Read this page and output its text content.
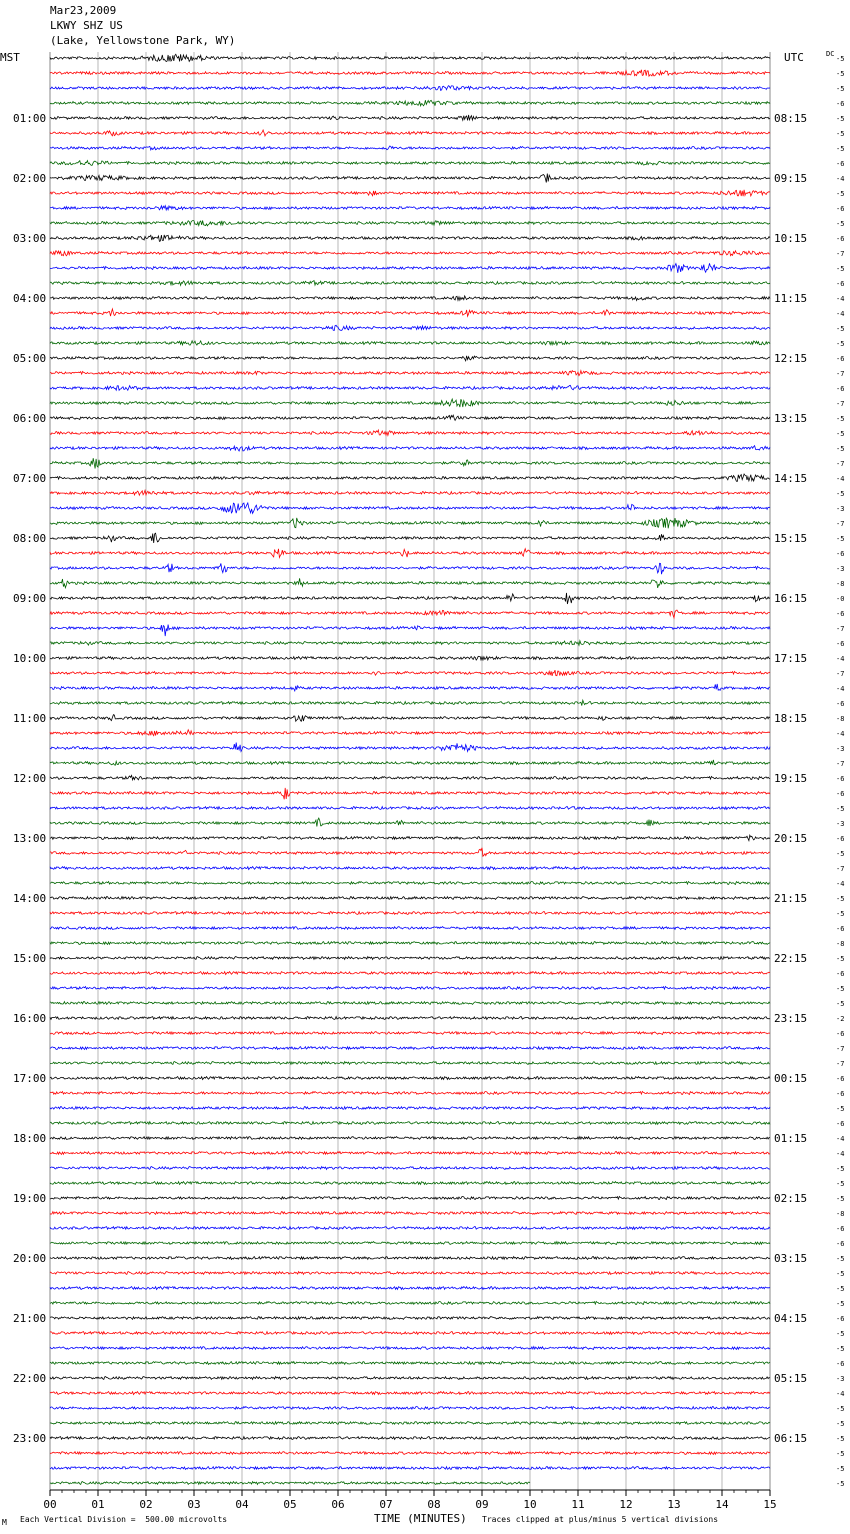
Mar23,2009
LKWY SHZ US
(Lake, Yellowstone Park, WY)
01:00
02:00
03:00
04:00
05:00
06:00
07:00
08:00
09:00
10:00
11:00
12:00
13:00
14:00
15:00
16:00
17:00
18:00
19:00
20:00
21:00
22:00
23:00
08:15
09:15
10:15
11:15
12:15
13:15
14:15
15:15
16:15
17:15
18:15
19:15
20:15
21:15
22:15
23:15
00:15
01:15
02:15
03:15
04:15
05:15
06:15
-5
-5
-5
-6
-5
-5
-5
-6
-4
-5
-6
-5
-6
-7
-5
-6
-4
-4
-5
-5
-6
-7
-6
-7
-5
-5
-5
-7
-4
-5
-3
-7
-5
-6
-3
-8
-0
-6
-7
-6
-4
-7
-4
-6
-8
-4
-3
-7
-6
-6
-5
-3
-6
-5
-7
-4
-5
-5
-6
-8
-5
-6
-5
-5
-2
-6
-7
-7
-6
-6
-5
-6
-4
-4
-5
-5
-5
-8
-6
-6
-5
-5
-5
-5
-6
-5
-5
-6
-3
-4
-5
-5
-5
-5
-5
-5
00	01	02	03	04	05	06	07	08	09	10	11	12	13	14	15
MST	UTC	DC
M Each Vertical Division =  500.00 microvolts	TIME (MINUTES) Traces clipped at plus/minus 5 vertical divisions
